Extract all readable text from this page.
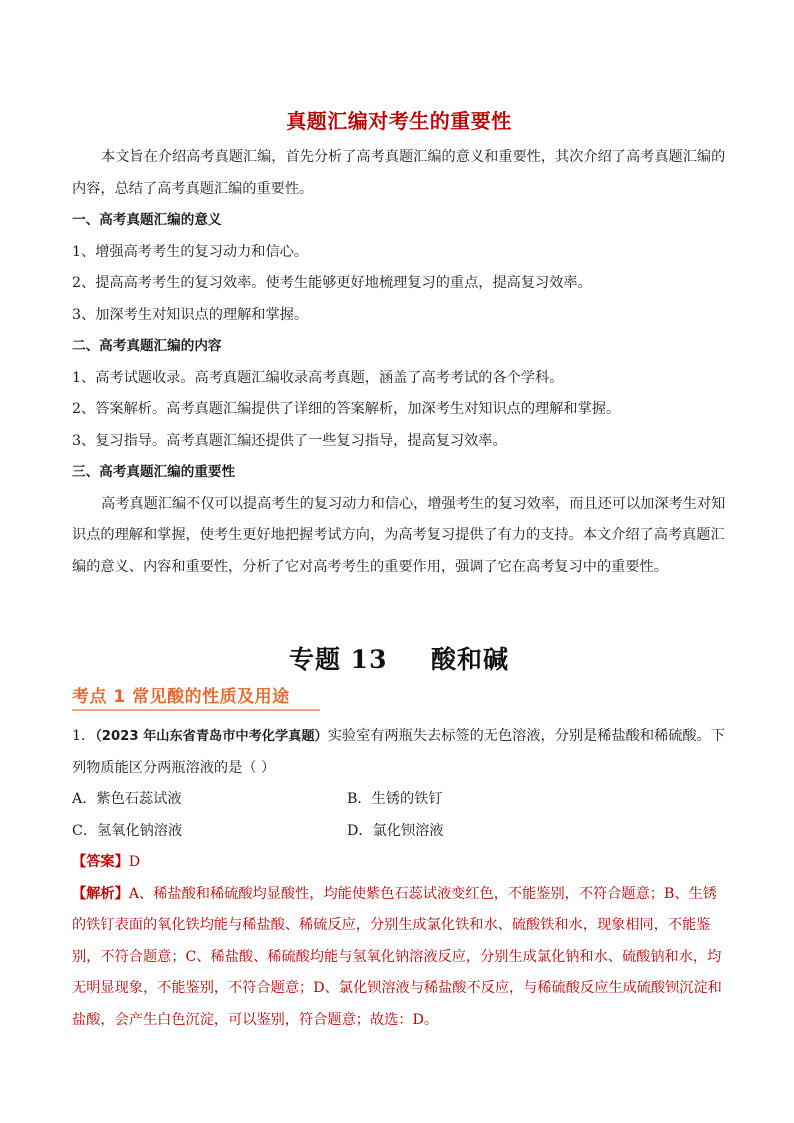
真题汇编对考生的重要性

本文旨在介绍高考真题汇编，首先分析了高考真题汇编的意义和重要性，其次介绍了高考真题汇编的内容，总结了高考真题汇编的重要性。

一、高考真题汇编的意义

1、增强高考考生的复习动力和信心。

2、提高高考考生的复习效率。使考生能够更好地梳理复习的重点，提高复习效率。

3、加深考生对知识点的理解和掌握。

二、高考真题汇编的内容

1、高考试题收录。高考真题汇编收录高考真题，涵盖了高考考试的各个学科。

2、答案解析。高考真题汇编提供了详细的答案解析，加深考生对知识点的理解和掌握。

3、复习指导。高考真题汇编还提供了一些复习指导，提高复习效率。

三、高考真题汇编的重要性

高考真题汇编不仅可以提高考生的复习动力和信心，增强考生的复习效率，而且还可以加深考生对知识点的理解和掌握，使考生更好地把握考试方向，为高考复习提供了有力的支持。本文介绍了高考真题汇编的意义、内容和重要性，分析了它对高考考生的重要作用，强调了它在高考复习中的重要性。

专题 13 酸和碱
考点 1 常见酸的性质及用途

1．（2023 年山东省青岛市中考化学真题）实验室有两瓶失去标签的无色溶液，分别是稀盐酸和稀硫酸。下列物质能区分两瓶溶液的是（ ）

A．紫色石蕊试液	B．生锈的铁钉
C．氢氧化钠溶液	D．氯化钡溶液

【答案】D

【解析】A、稀盐酸和稀硫酸均显酸性，均能使紫色石蕊试液变红色，不能鉴别，不符合题意；B、生锈的铁钉表面的氧化铁均能与稀盐酸、稀硫反应，分别生成氯化铁和水、硫酸铁和水，现象相同，不能鉴别，不符合题意；C、稀盐酸、稀硫酸均能与氢氧化钠溶液反应，分别生成氯化钠和水、硫酸钠和水，均无明显现象，不能鉴别，不符合题意；D、氯化钡溶液与稀盐酸不反应，与稀硫酸反应生成硫酸钡沉淀和盐酸，会产生白色沉淀，可以鉴别，符合题意；故选：D。
